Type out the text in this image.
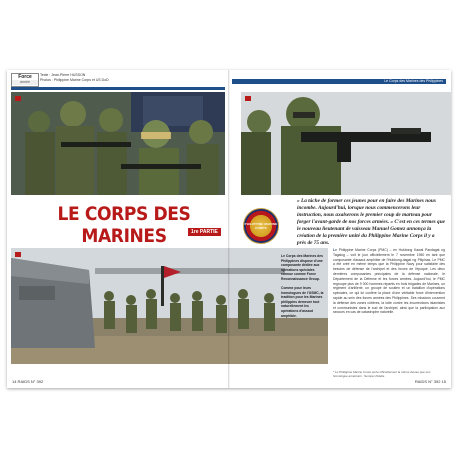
Force
armée
Texte : Jean-Pierre HUSSON
Photos : Philippine Marine Corps et US DoD	Le Corps des Marines des Philippines
LE CORPS DES MARINES	1re PARTIE
PHILIPPINE MARINE CORPS
« La tâche de former ces jeunes pour en faire des Marines nous incombe. Aujourd'hui, lorsque nous commencerons leur instruction, nous axalserons le premier coup de marteau pour forger l'avant-garde de nos forces armées. » C'est en ces termes que le nouveau lieutenant de vaisseau Manuel Gomez annonça la création de la première unité du Philippine Marine Corps il y a près de 75 ans.
Le Corps des Marines des Philippines dispose d'une composante dédiée aux opérations spéciales connue comme Force Reconnaissance Group.
Comme pour leurs homologues de l'USMC, la tradition pour les Marines philippins demeure tout naturellement les opérations d'assaut amphibie.
Le Philippine Marine Corps (PMC) – en Hukbong Kawal Pandagat ng Tagalog – voit le jour officiellement le 7 novembre 1950 en tant que composante d'assaut amphibie de l'Hukbong-dagat ng Pilipinas. Le PMC a été créé en même temps que la Philippine Navy pour satisfaire des besoins de défense de l'archipel et des forces de l'époque. Les deux dernières composantes principales de la défense nationale, le Département de la Défense et les forces armées. Aujourd'hui, le PMC regroupe plus de 9 000 hommes répartis en trois brigades de Marines, un régiment d'artillerie, un groupe de soutien et un bataillon d'opérations spéciales, ce qui lui confère la place d'une véritable force d'intervention rapide au sein des forces armées des Philippines. Ses missions couvrent la défense des zones côtières, la lutte contre les insurrections islamistes et communistes dans le sud de l'archipel, ainsi que la participation aux secours en cas de catastrophe naturelle.
* Le Philippine Marine Corps porte officiellement la même devise que son homologue américain : Semper Fidelis.
14 RAIDS N° 392	RAIDS N° 392 15
